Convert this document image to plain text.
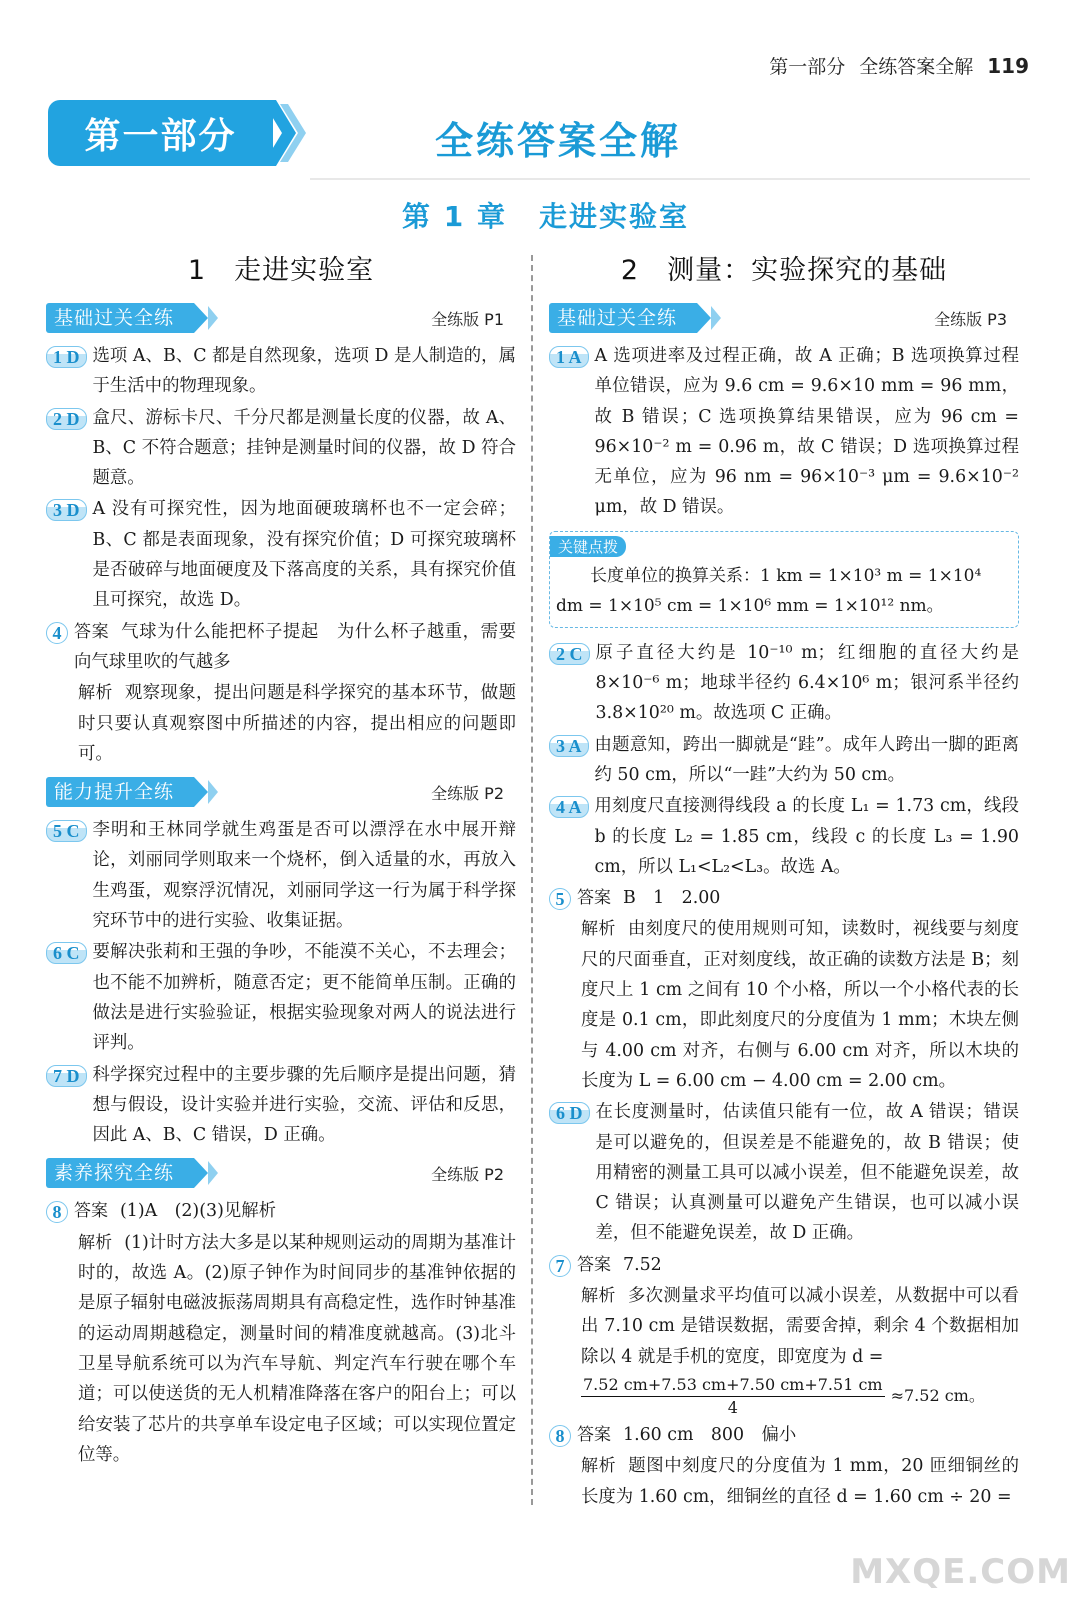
第一部分 全练答案全解 119
第一部分	全练答案全解
第 1 章 走进实验室
1 走进实验室
基础过关全练	全练版 P1
1 D 选项 A、B、C 都是自然现象，选项 D 是人制造的，属于生活中的物理现象。
2 D 盒尺、游标卡尺、千分尺都是测量长度的仪器，故 A、B、C 不符合题意；挂钟是测量时间的仪器，故 D 符合题意。
3 D A 没有可探究性，因为地面硬玻璃杯也不一定会碎；B、C 都是表面现象，没有探究价值；D 可探究玻璃杯是否破碎与地面硬度及下落高度的关系，具有探究价值且可探究，故选 D。
4 答案 气球为什么能把杯子提起　为什么杯子越重，需要向气球里吹的气越多
解析 观察现象，提出问题是科学探究的基本环节，做题时只要认真观察图中所描述的内容，提出相应的问题即可。
能力提升全练	全练版 P2
5 C 李明和王林同学就生鸡蛋是否可以漂浮在水中展开辩论，刘丽同学则取来一个烧杯，倒入适量的水，再放入生鸡蛋，观察浮沉情况，刘丽同学这一行为属于科学探究环节中的进行实验、收集证据。
6 C 要解决张莉和王强的争吵，不能漠不关心，不去理会；也不能不加辨析，随意否定；更不能简单压制。正确的做法是进行实验验证，根据实验现象对两人的说法进行评判。
7 D 科学探究过程中的主要步骤的先后顺序是提出问题，猜想与假设，设计实验并进行实验，交流、评估和反思，因此 A、B、C 错误，D 正确。
素养探究全练	全练版 P2
8 答案 (1)A　(2)(3)见解析
解析 (1)计时方法大多是以某种规则运动的周期为基准计时的，故选 A。(2)原子钟作为时间同步的基准钟依据的是原子辐射电磁波振荡周期具有高稳定性，选作时钟基准的运动周期越稳定，测量时间的精准度就越高。(3)北斗卫星导航系统可以为汽车导航、判定汽车行驶在哪个车道；可以使送货的无人机精准降落在客户的阳台上；可以给安装了芯片的共享单车设定电子区域；可以实现位置定位等。
2 测量：实验探究的基础
基础过关全练	全练版 P3
1 A A 选项进率及过程正确，故 A 正确；B 选项换算过程单位错误，应为 9.6 cm = 9.6×10 mm = 96 mm，故 B 错误；C 选项换算结果错误，应为 96 cm = 96×10⁻² m = 0.96 m，故 C 错误；D 选项换算过程无单位，应为 96 nm = 96×10⁻³ μm = 9.6×10⁻² μm，故 D 错误。
关键点拨
长度单位的换算关系：1 km = 1×10³ m = 1×10⁴ dm = 1×10⁵ cm = 1×10⁶ mm = 1×10¹² nm。
2 C 原子直径大约是 10⁻¹⁰ m；红细胞的直径大约是 8×10⁻⁶ m；地球半径约 6.4×10⁶ m；银河系半径约 3.8×10²⁰ m。故选项 C 正确。
3 A 由题意知，跨出一脚就是“跬”。成年人跨出一脚的距离约 50 cm，所以“一跬”大约为 50 cm。
4 A 用刻度尺直接测得线段 a 的长度 L₁ = 1.73 cm，线段 b 的长度 L₂ = 1.85 cm，线段 c 的长度 L₃ = 1.90 cm，所以 L₁<L₂<L₃。故选 A。
5 答案 B　1　2.00
解析 由刻度尺的使用规则可知，读数时，视线要与刻度尺的尺面垂直，正对刻度线，故正确的读数方法是 B；刻度尺上 1 cm 之间有 10 个小格，所以一个小格代表的长度是 0.1 cm，即此刻度尺的分度值为 1 mm；木块左侧与 4.00 cm 对齐，右侧与 6.00 cm 对齐，所以木块的长度为 L = 6.00 cm − 4.00 cm = 2.00 cm。
6 D 在长度测量时，估读值只能有一位，故 A 错误；错误是可以避免的，但误差是不能避免的，故 B 错误；使用精密的测量工具可以减小误差，但不能避免误差，故 C 错误；认真测量可以避免产生错误，也可以减小误差，但不能避免误差，故 D 正确。
7 答案 7.52
解析 多次测量求平均值可以减小误差，从数据中可以看出 7.10 cm 是错误数据，需要舍掉，剩余 4 个数据相加除以 4 就是手机的宽度，即宽度为 d =
$\frac{7.52 cm+7.53 cm+7.50 cm+7.51 cm}{4} \approx 7.52$ cm。
8 答案 1.60 cm　800　偏小
解析 题图中刻度尺的分度值为 1 mm，20 匝细铜丝的长度为 1.60 cm，细铜丝的直径 d = 1.60 cm ÷ 20 =
MXQE.COM
